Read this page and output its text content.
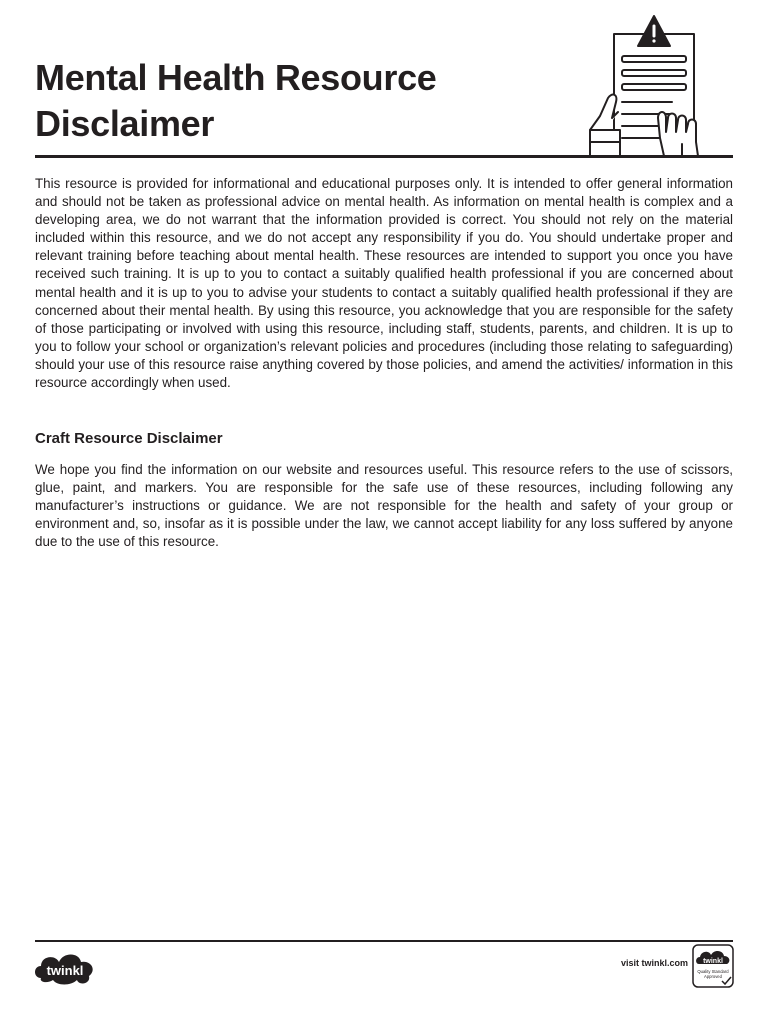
Mental Health Resource
Disclaimer

This resource is provided for informational and educational purposes only. It is intended to offer general information and should not be taken as professional advice on mental health. As information on mental health is complex and a developing area, we do not warrant that the information provided is correct. You should not rely on the material included within this resource, and we do not accept any responsibility if you do. You should undertake proper and relevant training before teaching about mental health. These resources are intended to support you once you have received such training. It is up to you to contact a suitably qualified health professional if you are concerned about mental health and it is up to you to advise your students to contact a suitably qualified health professional if they are concerned about their mental health. By using this resource, you acknowledge that you are responsible for the safety of those participating or involved with using this resource, including staff, students, parents, and children. It is up to you to follow your school or organization’s relevant policies and procedures (including those relating to safeguarding) should your use of this resource raise anything covered by those policies, and amend the activities/ information in this resource accordingly when used.

Craft Resource Disclaimer

We hope you find the information on our website and resources useful. This resource refers to the use of scissors, glue, paint, and markers. You are responsible for the safe use of these resources, including following any manufacturer’s instructions or guidance. We are not responsible for the health and safety of your group or environment and, so, insofar as it is possible under the law, we cannot accept liability for any loss suffered by anyone due to the use of this resource.

twinkl	visit twinkl.com twinkl
Quality Standard
Approved
